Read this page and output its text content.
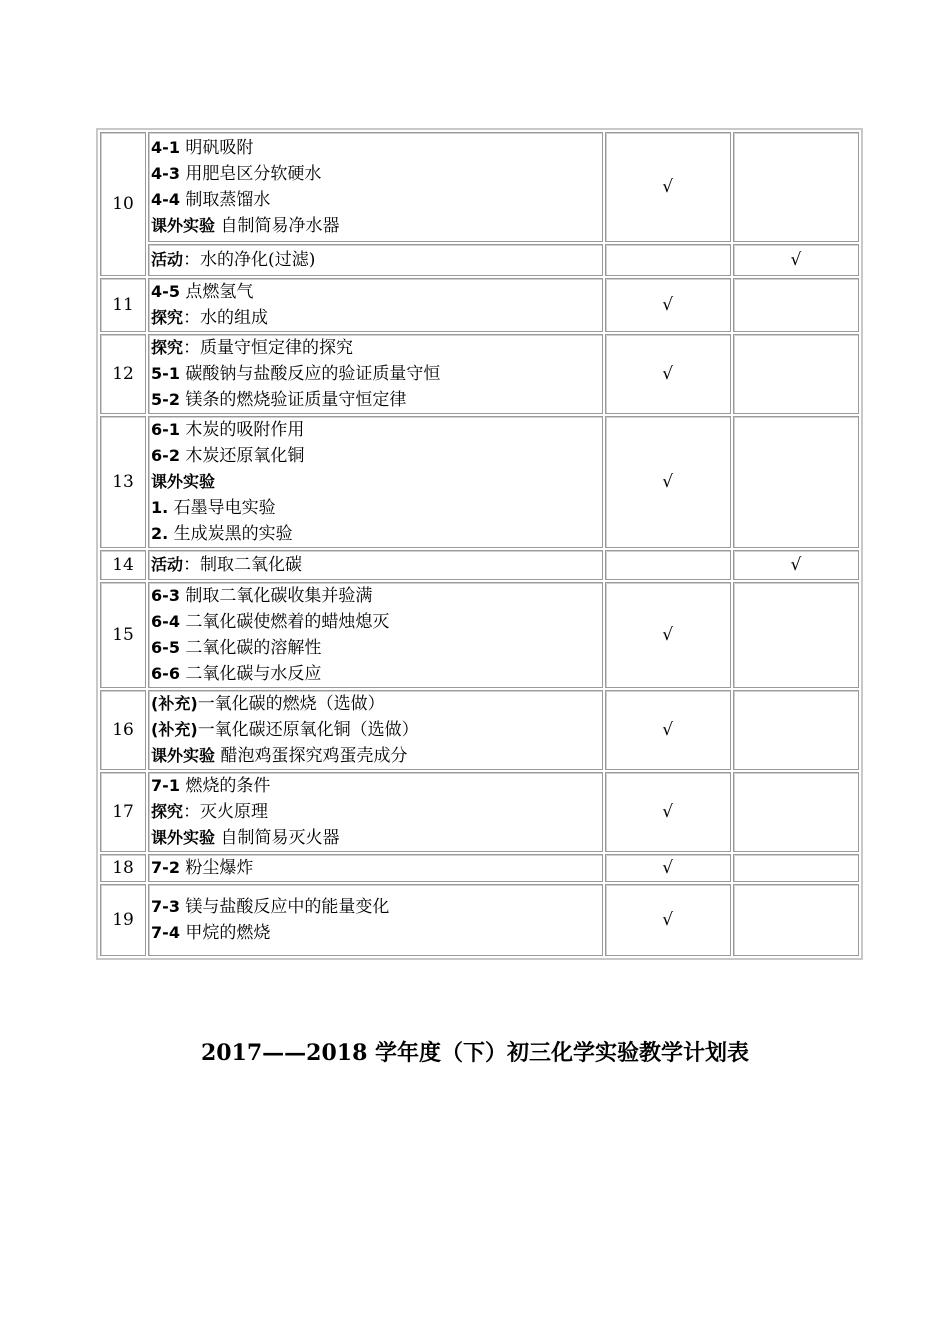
10	4-1 明矾吸附
4-3 用肥皂区分软硬水
4-4 制取蒸馏水
课外实验 自制简易净水器	√	

	活动：水的净化(过滤)		√
11	4-5 点燃氢气
探究：水的组成	√	
12	探究：质量守恒定律的探究
5-1 碳酸钠与盐酸反应的验证质量守恒
5-2 镁条的燃烧验证质量守恒定律	√	
13	6-1 木炭的吸附作用
6-2 木炭还原氧化铜
课外实验
1. 石墨导电实验
2. 生成炭黑的实验	√	
14	活动：制取二氧化碳		√
15	6-3 制取二氧化碳收集并验满
6-4 二氧化碳使燃着的蜡烛熄灭
6-5 二氧化碳的溶解性
6-6 二氧化碳与水反应	√	
16	(补充)一氧化碳的燃烧（选做）
(补充)一氧化碳还原氧化铜（选做）
课外实验 醋泡鸡蛋探究鸡蛋壳成分	√	
17	7-1 燃烧的条件
探究：灭火原理
课外实验 自制简易灭火器	√	
18	7-2 粉尘爆炸	√	
19	7-3 镁与盐酸反应中的能量变化
7-4 甲烷的燃烧	√	
2017——2018 学年度（下）初三化学实验教学计划表
